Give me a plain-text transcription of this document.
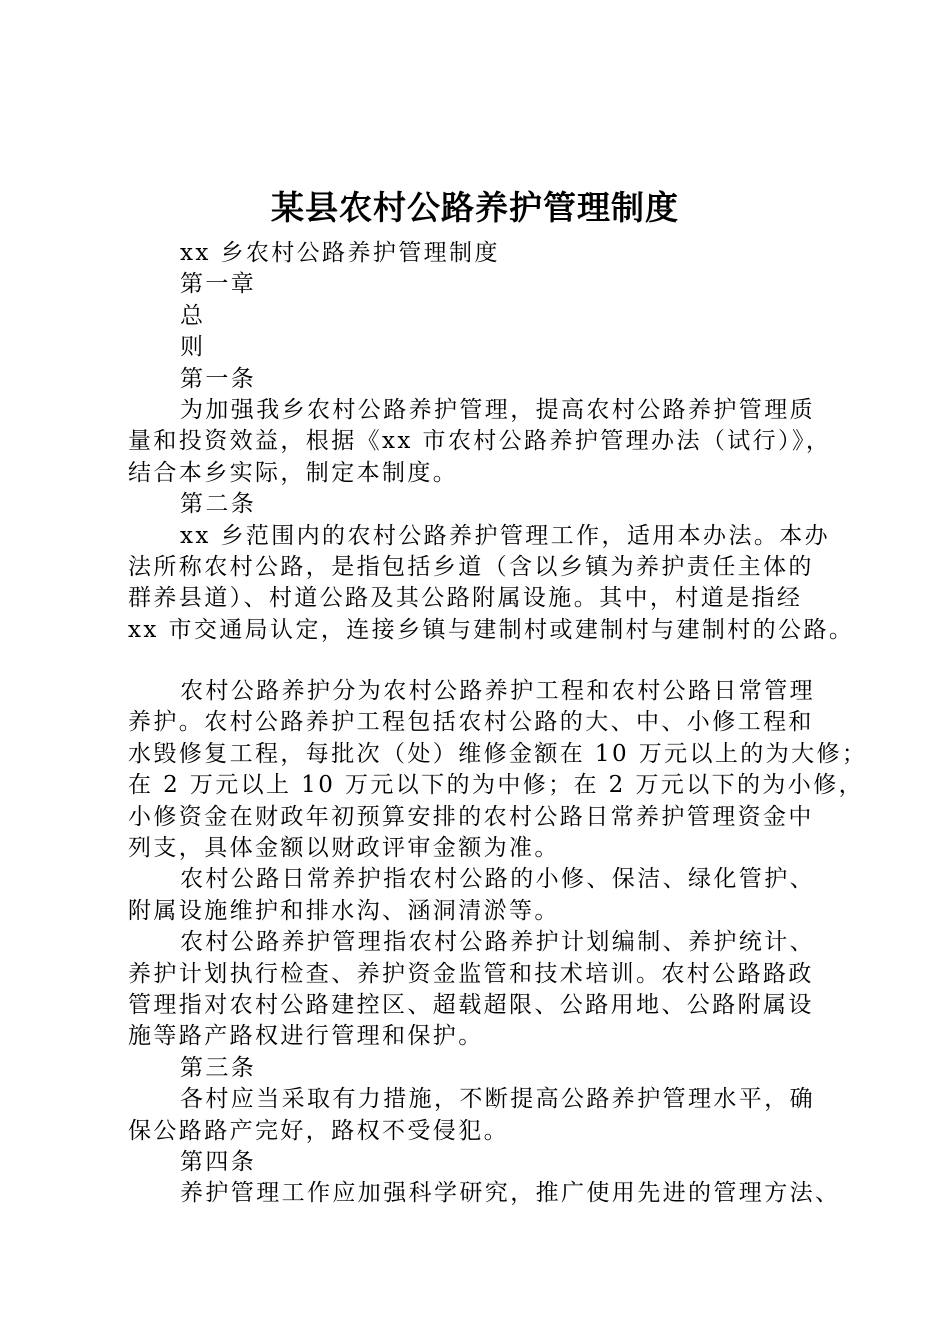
某县农村公路养护管理制度
xx 乡农村公路养护管理制度
第一章
总
则
第一条
为加强我乡农村公路养护管理，提高农村公路养护管理质
量和投资效益，根据《xx 市农村公路养护管理办法（试行）》，
结合本乡实际，制定本制度。
第二条
xx 乡范围内的农村公路养护管理工作，适用本办法。本办
法所称农村公路，是指包括乡道（含以乡镇为养护责任主体的
群养县道）、村道公路及其公路附属设施。其中，村道是指经
xx 市交通局认定，连接乡镇与建制村或建制村与建制村的公路。
农村公路养护分为农村公路养护工程和农村公路日常管理
养护。农村公路养护工程包括农村公路的大、中、小修工程和
水毁修复工程，每批次（处）维修金额在 10 万元以上的为大修；
在 2 万元以上 10 万元以下的为中修；在 2 万元以下的为小修，
小修资金在财政年初预算安排的农村公路日常养护管理资金中
列支，具体金额以财政评审金额为准。
农村公路日常养护指农村公路的小修、保洁、绿化管护、
附属设施维护和排水沟、涵洞清淤等。
农村公路养护管理指农村公路养护计划编制、养护统计、
养护计划执行检查、养护资金监管和技术培训。农村公路路政
管理指对农村公路建控区、超载超限、公路用地、公路附属设
施等路产路权进行管理和保护。
第三条
各村应当采取有力措施，不断提高公路养护管理水平，确
保公路路产完好，路权不受侵犯。
第四条
养护管理工作应加强科学研究，推广使用先进的管理方法、
